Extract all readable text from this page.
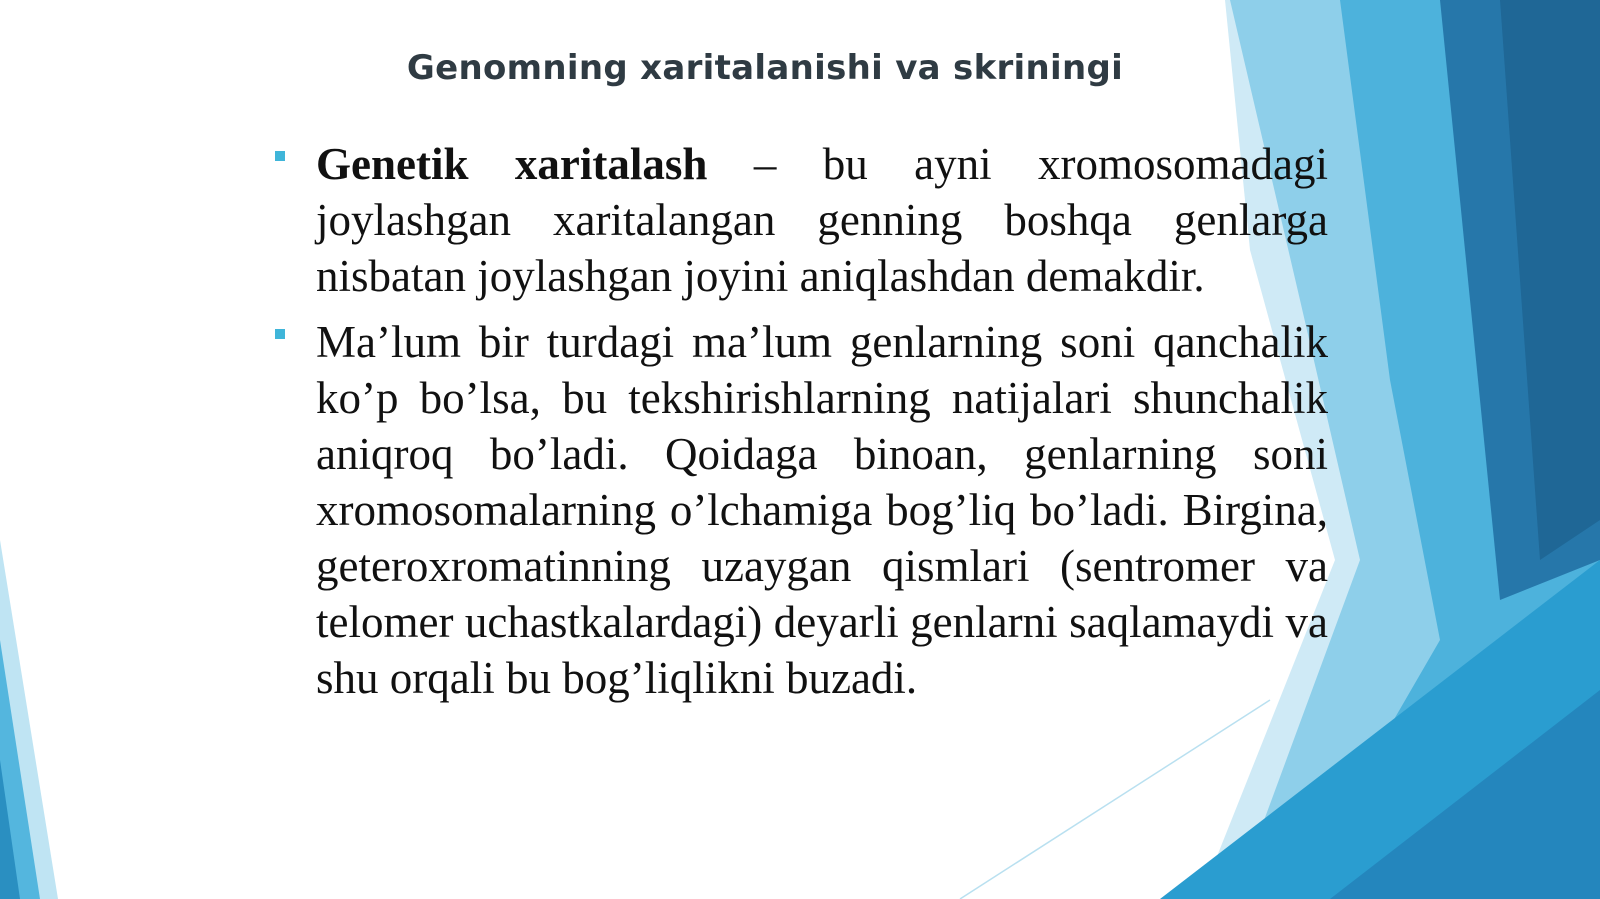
Genomning xaritalanishi va skriningi
Genetik xaritalash – bu ayni xromosomadagi joylashgan xaritalangan genning boshqa genlarga nisbatan joylashgan joyini aniqlashdan demakdir.
Ma’lum bir turdagi ma’lum genlarning soni qanchalik ko’p bo’lsa, bu tekshirishlarning natijalari shunchalik aniqroq bo’ladi. Qoidaga binoan, genlarning soni xromosomalarning o’lchamiga bog’liq bo’ladi. Birgina, geteroxromatinning uzaygan qismlari (sentromer va telomer uchastkalardagi) deyarli genlarni saqlamaydi va shu orqali bu bog’liqlikni buzadi.
